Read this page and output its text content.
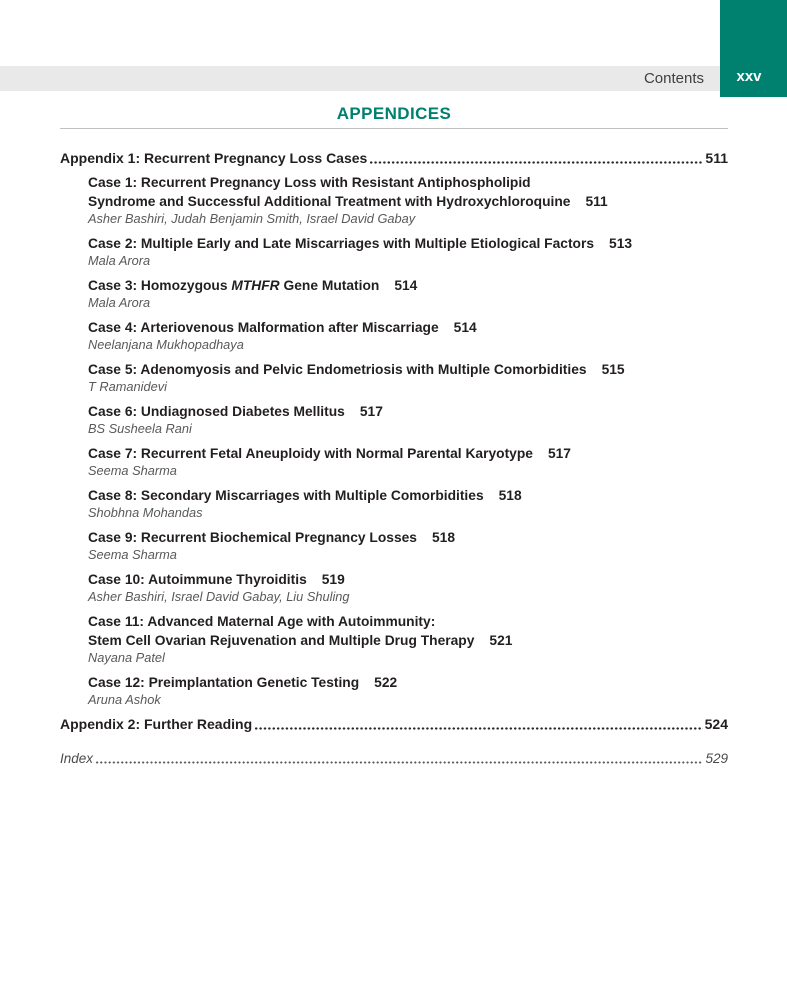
Contents	xxv
APPENDICES
Appendix 1: Recurrent Pregnancy Loss Cases	511
Case 1: Recurrent Pregnancy Loss with Resistant Antiphospholipid
Syndrome and Successful Additional Treatment with Hydroxychloroquine 511
Asher Bashiri, Judah Benjamin Smith, Israel David Gabay
Case 2: Multiple Early and Late Miscarriages with Multiple Etiological Factors 513
Mala Arora
Case 3: Homozygous MTHFR Gene Mutation 514
Mala Arora
Case 4: Arteriovenous Malformation after Miscarriage 514
Neelanjana Mukhopadhaya
Case 5: Adenomyosis and Pelvic Endometriosis with Multiple Comorbidities 515
T Ramanidevi
Case 6: Undiagnosed Diabetes Mellitus 517
BS Susheela Rani
Case 7: Recurrent Fetal Aneuploidy with Normal Parental Karyotype 517
Seema Sharma
Case 8: Secondary Miscarriages with Multiple Comorbidities 518
Shobhna Mohandas
Case 9: Recurrent Biochemical Pregnancy Losses 518
Seema Sharma
Case 10: Autoimmune Thyroiditis 519
Asher Bashiri, Israel David Gabay, Liu Shuling
Case 11: Advanced Maternal Age with Autoimmunity:
Stem Cell Ovarian Rejuvenation and Multiple Drug Therapy 521
Nayana Patel
Case 12: Preimplantation Genetic Testing 522
Aruna Ashok
Appendix 2: Further Reading	524
Index	529
